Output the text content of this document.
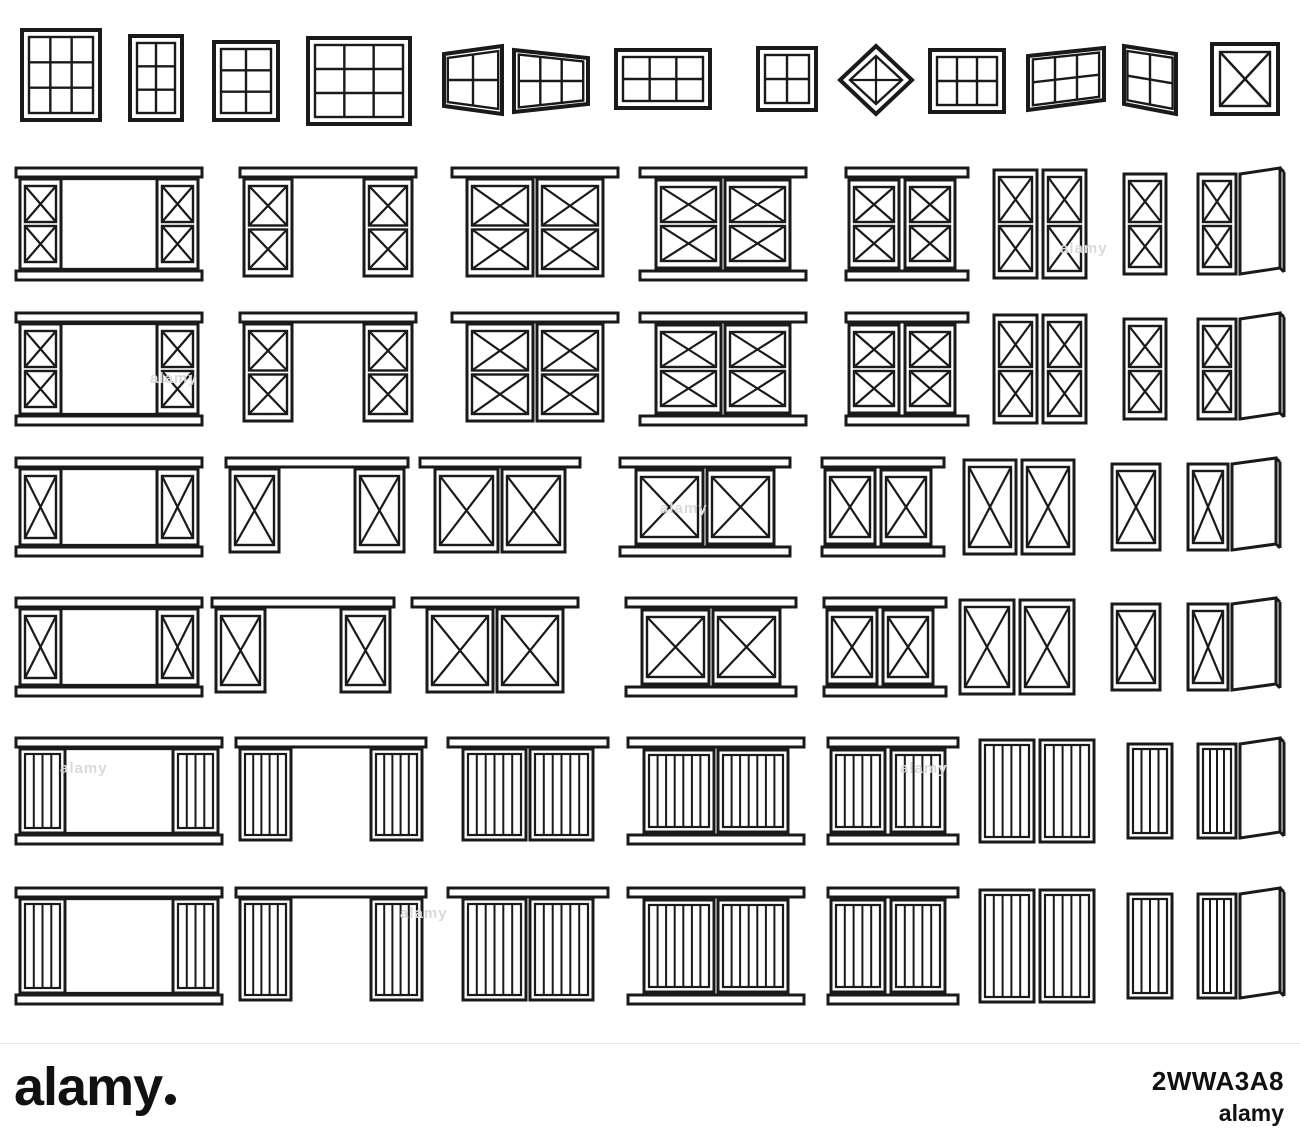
alamy
alamy
alamy
alamy
alamy
alamy
alamy	2WWA3A8
alamy
